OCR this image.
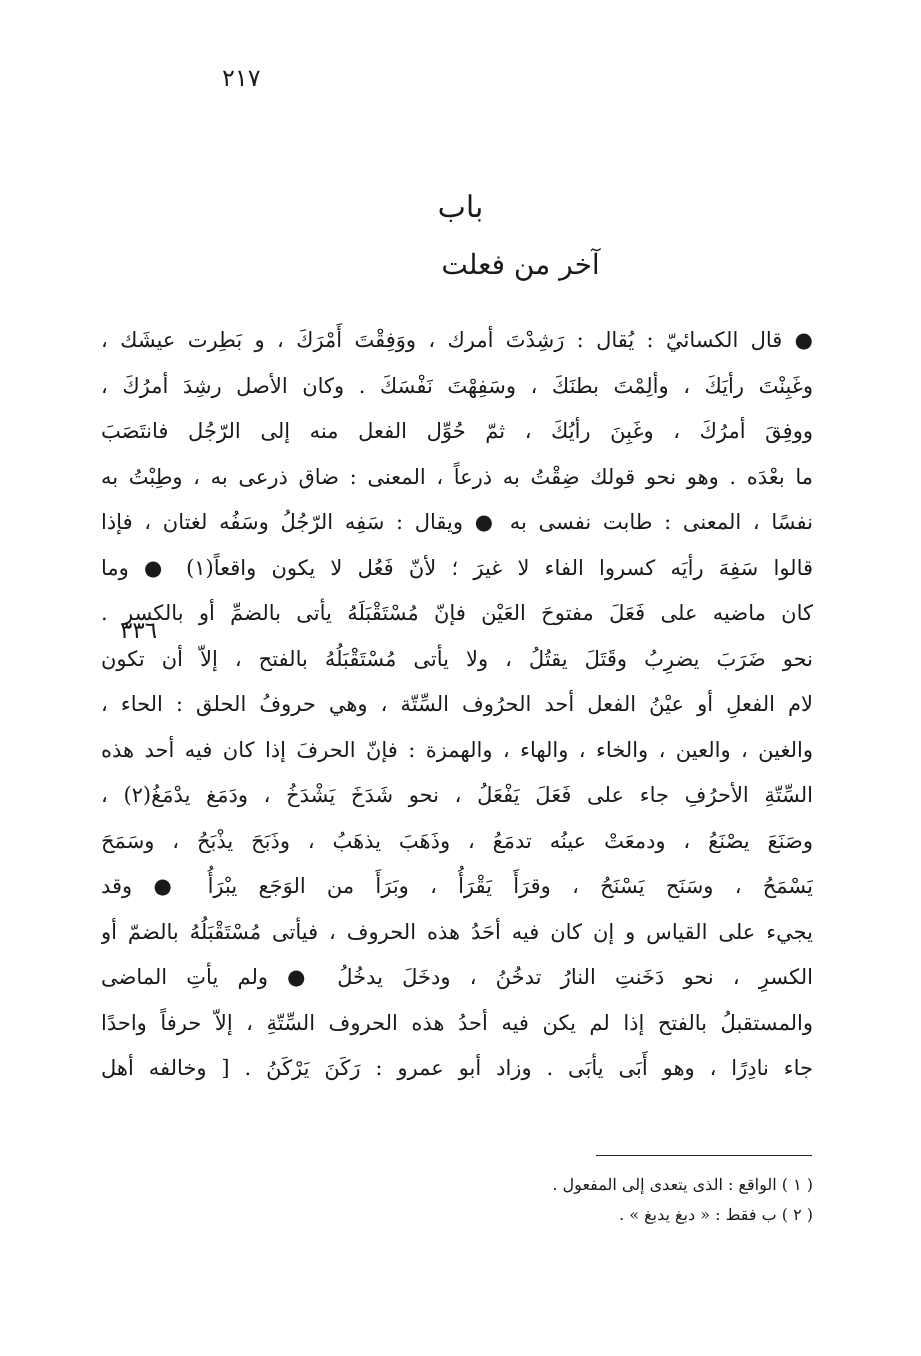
٢١٧
باب
آخر من فعلت
٣٣٦
● قال الكسائيّ : يُقال : رَشِدْتَ أمرك ، ووَفِقْتَ أَمْرَكَ ، و بَطِرت عيشَك ،
وغَبِنْتَ رأيَكَ ، وألِمْتَ بطنَكَ ، وسَفِهْتَ نَفْسَكَ . وكان الأصل رشِدَ أمرُكَ ،
ووفِقَ أمرُكَ ، وغَبِنَ رأيُكَ ، ثمّ حُوِّل الفعل منه إلى الرّجُل فانتَصَبَ
ما بعْدَه . وهو نحو قولك ضِقْتُ به ذرعاً ، المعنى : ضاق ذرعى به ، وطِبْتُ به
نفسًا ، المعنى : طابت نفسى به ● ويقال : سَفِه الرّجُلُ وسَفُه لغتان ، فإذا
قالوا سَفِهَ رأيَه كسروا الفاء لا غيرَ ؛ لأنّ فَعُل لا يكون واقعاً(١) ● وما
كان ماضيه على فَعَلَ مفتوحَ العَيْن فإنّ مُسْتَقْبَلَهُ يأتى بالضمِّ أو بالكسرِ .
نحو ضَرَبَ يضرِبُ وقَتَلَ يقتُلُ ، ولا يأتى مُسْتَقْبَلُهُ بالفتح ، إلاّ أن تكون
لام الفعلِ أو عيْنُ الفعل أحد الحرُوف السِّتّة ، وهي حروفُ الحلق : الحاء ،
والغين ، والعين ، والخاء ، والهاء ، والهمزة : فإنّ الحرفَ إذا كان فيه أحد هذه
السِّتّةِ الأحرُفِ جاء على فَعَلَ يَفْعَلُ ، نحو شَدَخَ يَشْدَخُ ، ودَمَغ يدْمَغُ(٢) ،
وصَنَعَ يصْنَعُ ، ودمعَتْ عينُه تدمَعُ ، وذَهَبَ يذهَبُ ، وذَبَحَ يذْبَحُ ، وسَمَحَ
يَسْمَحُ ، وسَنَح يَسْنَحُ ، وقرَأَ يَقْرَأُ ، وبَرَأَ من الوَجَع يبْرَأُ ● وقد
يجيء على القياس و إن كان فيه أحَدُ هذه الحروف ، فيأتى مُسْتَقْبَلُهُ بالضمّ أو
الكسرِ ، نحو دَخَنتِ النارُ تدخُنُ ، ودخَلَ يدخُلُ ● ولم يأتِ الماضى
والمستقبلُ بالفتح إذا لم يكن فيه أحدُ هذه الحروف السِّتّةِ ، إلاّ حرفاً واحدًا
جاء نادِرًا ، وهو أَبَى يأبَى . وزاد أبو عمرو : رَكَنَ يَرْكَنُ . [ وخالفه أهل
( ١ ) الواقع : الذى يتعدى إلى المفعول .
( ٢ ) ب فقط : « دبغ يدبغ » .
